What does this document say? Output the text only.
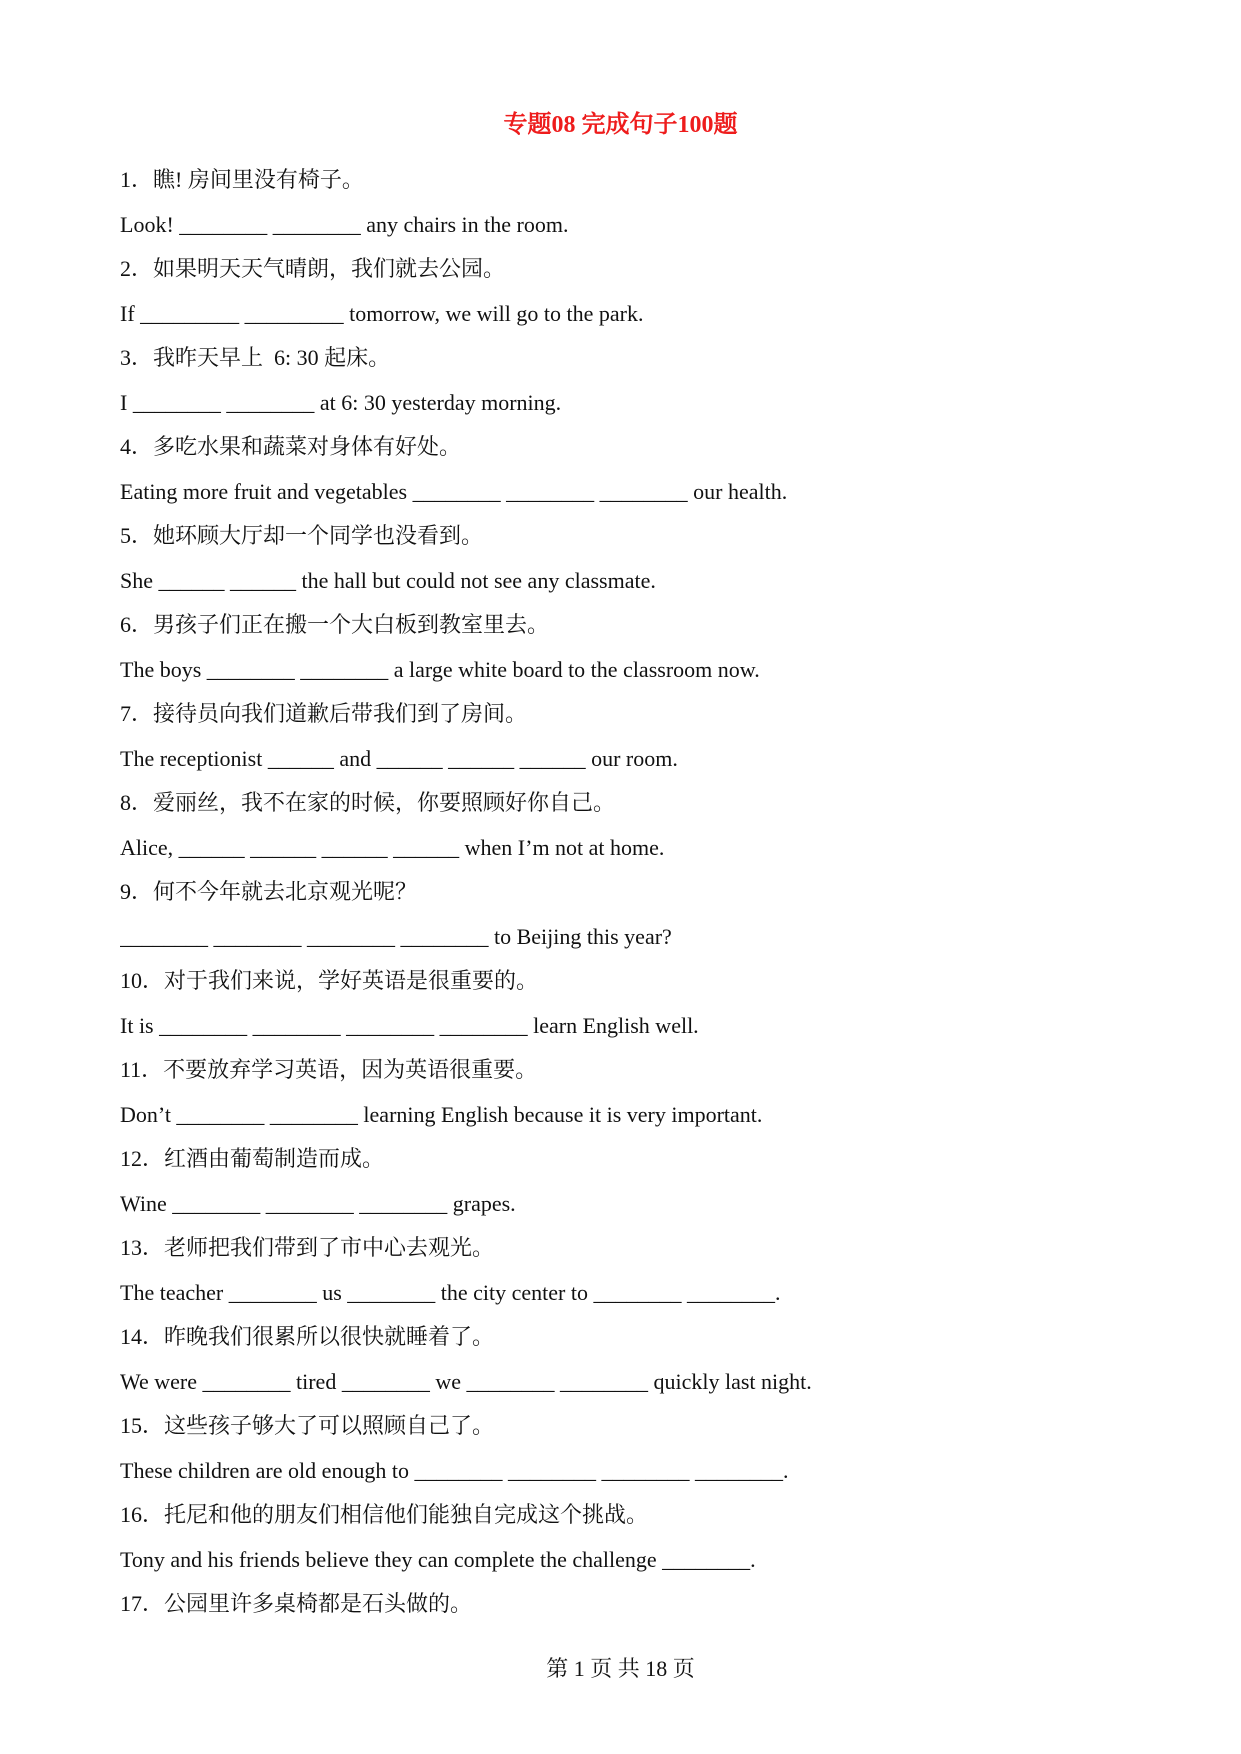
专题08 完成句子100题
1．瞧! 房间里没有椅子。
Look! ________ ________ any chairs in the room.
2．如果明天天气晴朗，我们就去公园。
If _________ _________ tomorrow, we will go to the park.
3．我昨天早上  6: 30 起床。
I ________ ________ at 6: 30 yesterday morning.
4．多吃水果和蔬菜对身体有好处。
Eating more fruit and vegetables ________ ________ ________ our health.
5．她环顾大厅却一个同学也没看到。
She ______ ______ the hall but could not see any classmate.
6．男孩子们正在搬一个大白板到教室里去。
The boys ________ ________ a large white board to the classroom now.
7．接待员向我们道歉后带我们到了房间。
The receptionist ______ and ______ ______ ______ our room.
8．爱丽丝，我不在家的时候，你要照顾好你自己。
Alice, ______ ______ ______ ______ when I’m not at home.
9．何不今年就去北京观光呢？
________ ________ ________ ________ to Beijing this year?
10．对于我们来说，学好英语是很重要的。
It is ________ ________ ________ ________ learn English well.
11．不要放弃学习英语，因为英语很重要。
Don’t ________ ________ learning English because it is very important.
12．红酒由葡萄制造而成。
Wine ________ ________ ________ grapes.
13．老师把我们带到了市中心去观光。
The teacher ________ us ________ the city center to ________ ________.
14．昨晚我们很累所以很快就睡着了。
We were ________ tired ________ we ________ ________ quickly last night.
15．这些孩子够大了可以照顾自己了。
These children are old enough to ________ ________ ________ ________.
16．托尼和他的朋友们相信他们能独自完成这个挑战。
Tony and his friends believe they can complete the challenge ________.
17．公园里许多桌椅都是石头做的。
第 1 页 共 18 页
